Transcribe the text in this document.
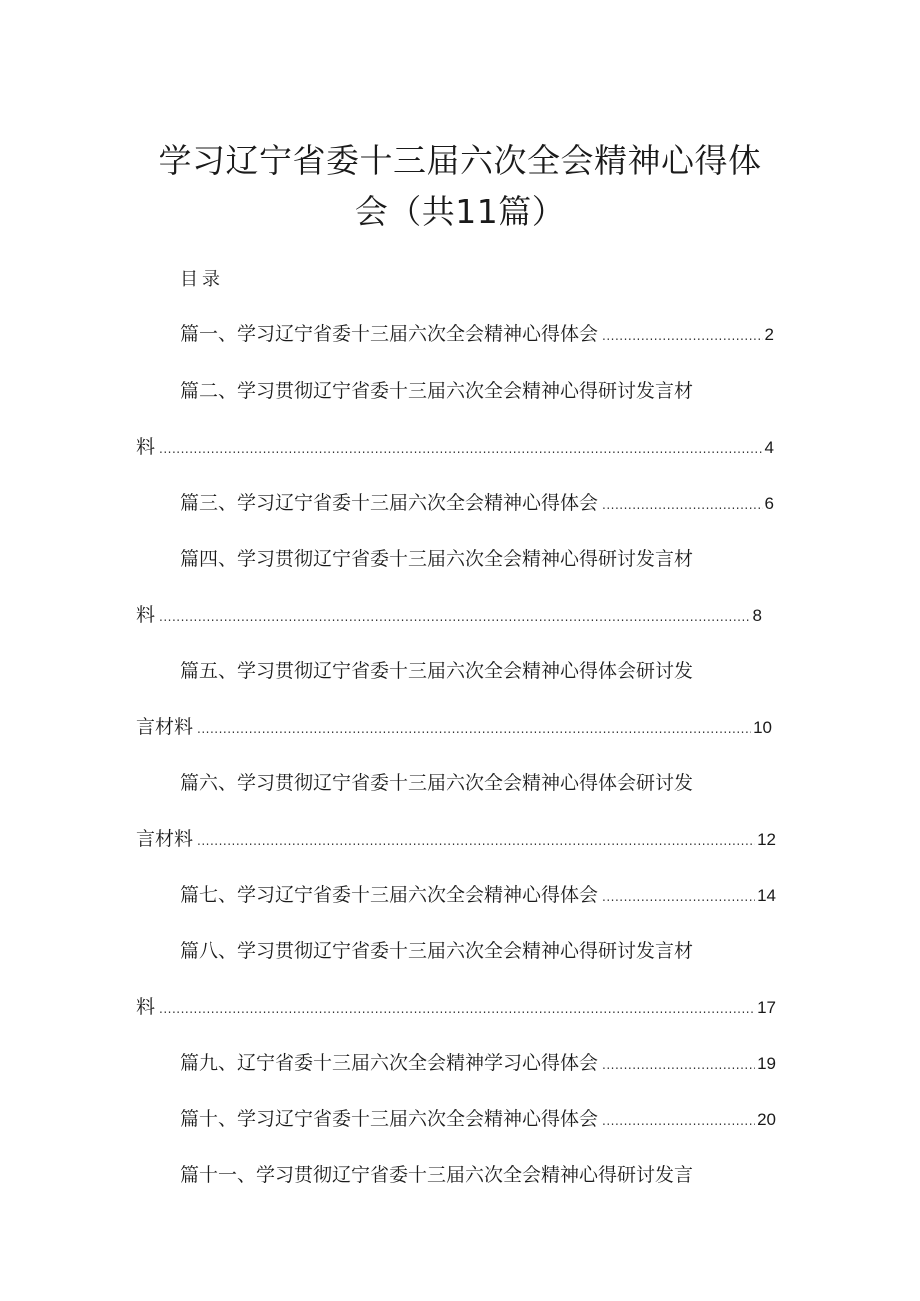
学习辽宁省委十三届六次全会精神心得体
会（共11篇）
目录
篇一、学习辽宁省委十三届六次全会精神心得体会 .....	2
篇二、学习贯彻辽宁省委十三届六次全会精神心得研讨发言材
料 .....	4
篇三、学习辽宁省委十三届六次全会精神心得体会 .....	6
篇四、学习贯彻辽宁省委十三届六次全会精神心得研讨发言材
料 .....	8
篇五、学习贯彻辽宁省委十三届六次全会精神心得体会研讨发
言材料 .....	10
篇六、学习贯彻辽宁省委十三届六次全会精神心得体会研讨发
言材料 .....	12
篇七、学习辽宁省委十三届六次全会精神心得体会 .....	14
篇八、学习贯彻辽宁省委十三届六次全会精神心得研讨发言材
料 .....	17
篇九、辽宁省委十三届六次全会精神学习心得体会 .....	19
篇十、学习辽宁省委十三届六次全会精神心得体会 .....	20
篇十一、学习贯彻辽宁省委十三届六次全会精神心得研讨发言
